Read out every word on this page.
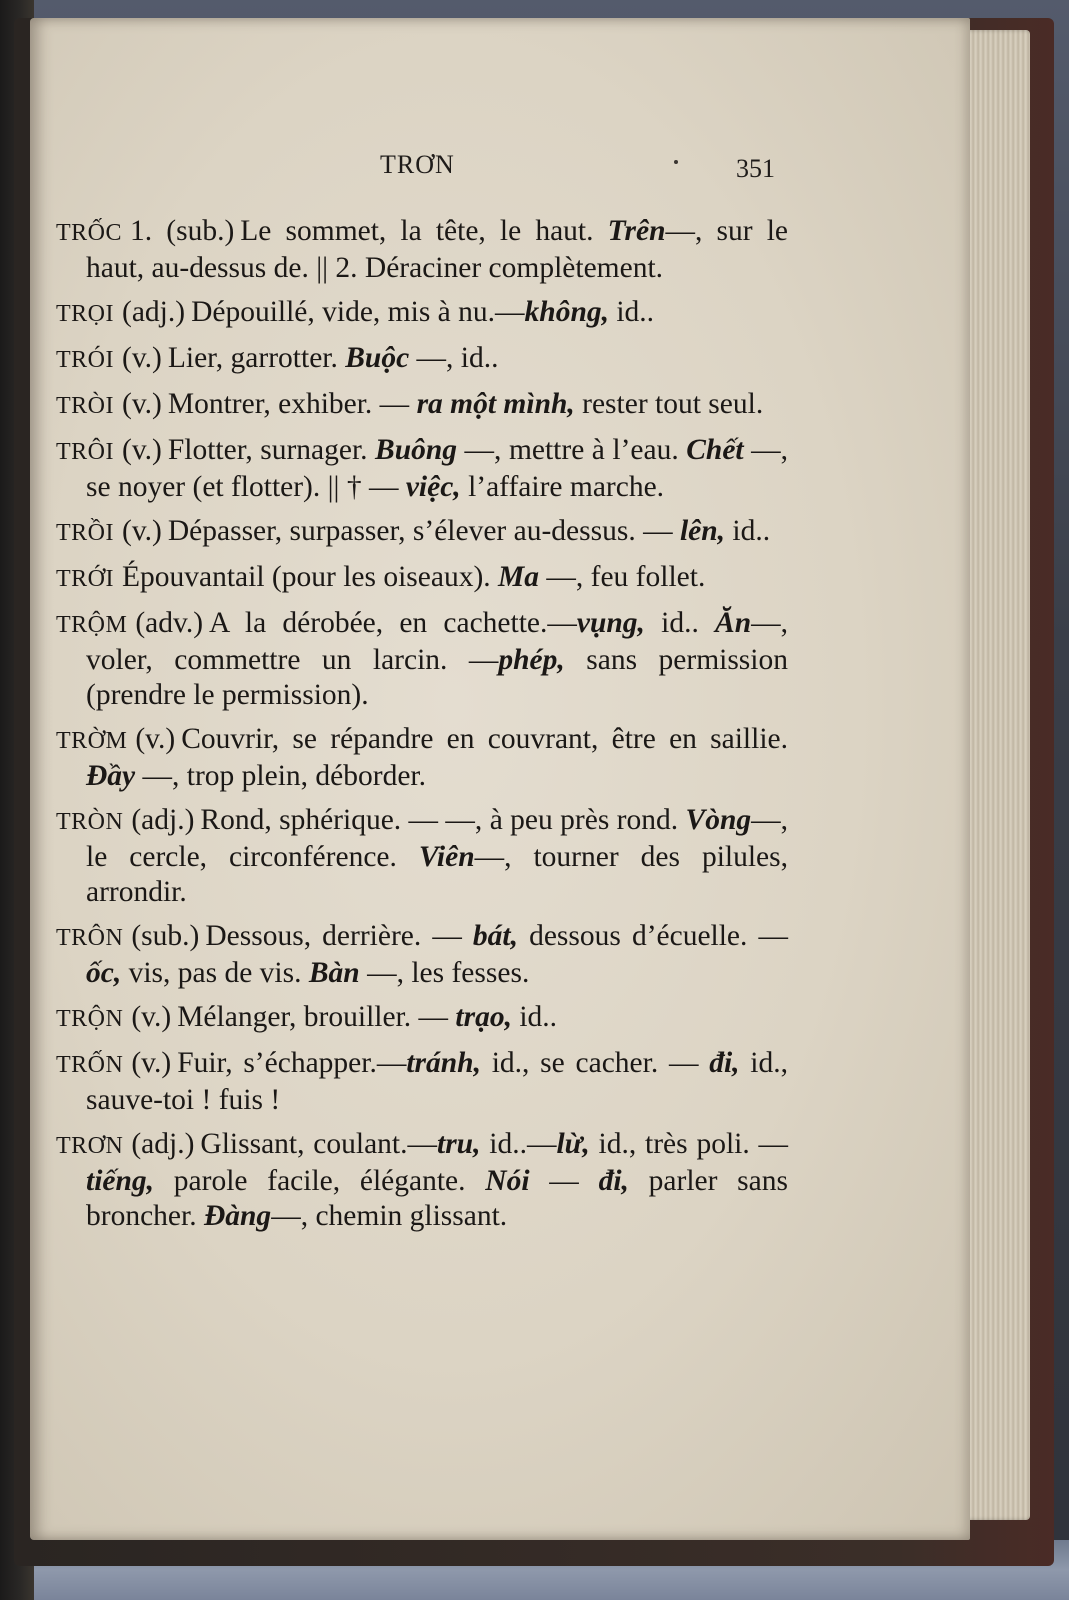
TRƠN	351
TRỐC 1. (sub.) Le sommet, la tête, le haut. Trên—, sur le haut, au-dessus de. || 2. Déraciner complètement.
TRỌI (adj.) Dépouillé, vide, mis à nu.—không, id..
TRÓI (v.) Lier, garrotter. Buộc —, id..
TRÒI (v.) Montrer, exhiber. — ra một mình, rester tout seul.
TRÔI (v.) Flotter, surnager. Buông —, mettre à l’eau. Chết —, se noyer (et flotter). || † — việc, l’affaire marche.
TRỒI (v.) Dépasser, surpasser, s’élever au-dessus. — lên, id..
TRỚI Épouvantail (pour les oiseaux). Ma —, feu follet.
TRỘM (adv.) A la dérobée, en cachette.—vụng, id.. Ăn—, voler, commettre un larcin. —phép, sans permission (prendre le permission).
TRỜM (v.) Couvrir, se répandre en couvrant, être en saillie. Đầy —, trop plein, déborder.
TRÒN (adj.) Rond, sphérique. — —, à peu près rond. Vòng—, le cercle, circonférence. Viên—, tourner des pilules, arrondir.
TRÔN (sub.) Dessous, derrière. — bát, dessous d’écuelle. — ốc, vis, pas de vis. Bàn —, les fesses.
TRỘN (v.) Mélanger, brouiller. — trạo, id..
TRỐN (v.) Fuir, s’échapper.—tránh, id., se cacher. — đi, id., sauve-toi ! fuis !
TRƠN (adj.) Glissant, coulant.—tru, id..—lừ, id., très poli. — tiếng, parole facile, élégante. Nói — đi, parler sans broncher. Đàng—, chemin glissant.
